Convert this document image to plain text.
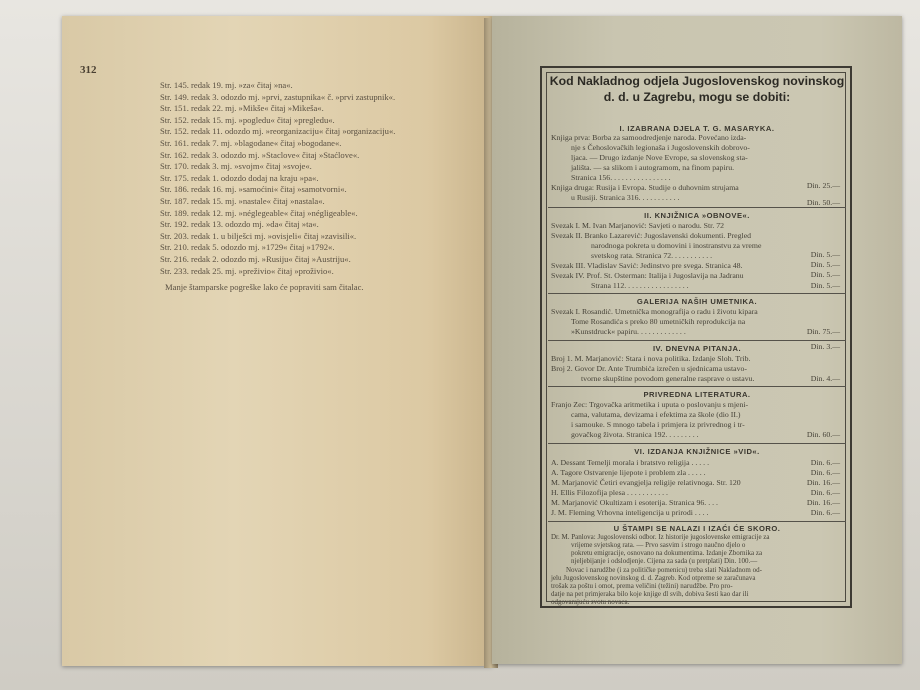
312
Str. 145. redak 19. mj. »za« čitaj »na«.
Str. 149. redak 3. odozdo mj. »prvi, zastupnika« č. »prvi zastupnik«.
Str. 151. redak 22. mj. »Mikše« čitaj »Mikeša«.
Str. 152. redak 15. mj. »pogledu« čitaj »pregledu«.
Str. 152. redak 11. odozdo mj. »reorganizaciju« čitaj »organizaciju«.
Str. 161. redak 7. mj. »blagodane« čitaj »bogodane«.
Str. 162. redak 3. odozdo mj. »Staclove« čitaj »Staćlove«.
Str. 170. redak 3. mj. »svojm« čitaj »svoje«.
Str. 175. redak 1. odozdo dodaj na kraju »pa«.
Str. 186. redak 16. mj. »samoćini« čitaj »samotvorni«.
Str. 187. redak 15. mj. »nastale« čitaj »nastala«.
Str. 189. redak 12. mj. »néglegeable« čitaj »négligeable«.
Str. 192. redak 13. odozdo mj. »da« čitaj »ta«.
Str. 203. redak 1. u bilješci mj. »ovisjeli« čitaj »zavisili«.
Str. 210. redak 5. odozdo mj. »1729« čitaj »1792«.
Str. 216. redak 2. odozdo mj. »Rusiju« čitaj »Austriju«.
Str. 233. redak 25. mj. »preživio« čitaj »proživio«.
Manje štamparske pogreške lako će popraviti sam čitalac.
Kod Nakladnog odjela Jugoslovenskog novinskog
d. d. u Zagrebu, mogu se dobiti:
I. IZABRANA DJELA T. G. MASARYKA.
Knjiga prva: Borba za samoodredjenje naroda. Povećano izda-
nje s Čehoslovačkih legionaša i Jugoslovenskih dobrovo-
ljaca. — Drugo izdanje Nove Evrope, sa slovenskog sta-
jališta. — sa slikom i autogramom, na finom papiru.
Stranica 156. . . . . . . . . . . . . . . .
Knjiga druga: Rusija i Evropa. Studije o duhovnim strujama
u Rusiji. Stranica 316. . . . . . . . . . .
Din. 25.—
Din. 50.—
II. KNJIŽNICA »OBNOVE«.
Svezak I. M. Ivan Marjanović: Savjeti o narodu. Str. 72
Svezak II. Branko Lazarević: Jugoslavenski dokumenti. Pregled
narodnoga pokreta u domovini i inostranstvu za vreme
svetskog rata. Stranica 72. . . . . . . . . . .
Svezak III. Vladislav Savić: Jedinstvo pre svega. Stranica 48.
Svezak IV. Prof. St. Osterman: Italija i Jugoslavija na Jadranu
Strana 112. . . . . . . . . . . . . . . . .
Din. 5.—
Din. 5.—
Din. 5.—
Din. 5.—
GALERIJA NAŠIH UMETNIKA.
Svezak I. Rosandić. Umetnička monografija o radu i životu kipara
Tome Rosandića s preko 80 umetničkih reprodukcija na
»Kunstdruck« papiru. . . . . . . . . . . . .	Din. 75.—
IV. DNEVNA PITANJA.
Broj 1. M. Marjanović: Stara i nova politika. Izdanje Sloh. Trib.
Broj 2. Govor Dr. Ante Trumbića izrečen u sjednicama ustavo-
tvorne skupštine povodom generalne rasprave o ustavu.
Din. 3.—
Din. 4.—
PRIVREDNA LITERATURA.
Franjo Zec: Trgovačka aritmetika i uputa o poslovanju s mjeni-
cama, valutama, devizama i efektima za škole (dio II.)
i samouke. S mnogo tabela i primjera iz privrednog i tr-
govačkog života. Stranica 192. . . . . . . . .	Din. 60.—
VI. IZDANJA KNJIŽNICE »VID«.
A. Dessant Temelji morala i bratstvo religija . . . . .
A. Tagore Ostvarenje lijepote i problem zla . . . . .
M. Marjanović Četiri evangjelja religije relativnoga. Str. 120
H. Ellis Filozofija plesa . . . . . . . . . . .
M. Marjanović Okultizam i esoterija. Stranica 96. . . .
J. M. Fleming Vrhovna inteligencija u prirodi . . . .
Din. 6.—
Din. 6.—
Din. 16.—
Din. 6.—
Din. 16.—
Din. 6.—
U ŠTAMPI SE NALAZI I IZAĆI ĆE SKORO.
Dr. M. Panlova: Jugoslovenski odbor. Iz historije jugoslovenske emigracije za
vrijeme svjetskog rata. — Prvo sasvim i strogo naučno djelo o
pokretu emigracije, osnovano na dokumentima. Izdanje Zbornika za
njeljebijanje i odslodjenje. Cijena za sada (u pretplati) Din. 100.—
Novac i narudžbe (i za političke pomenicu) treba slati Nakladnom od-
jelu Jugoslovenskog novinskog d. d. Zagreb. Kod otpreme se zaračunava
trošak za poštu i omot, prema veličini (težini) narudžbe. Pro pro-
datje na pet primjeraka bilo koje knjige dl svih, dobiva šesti kao dar ili
odgovarajuću svotu novaca.
